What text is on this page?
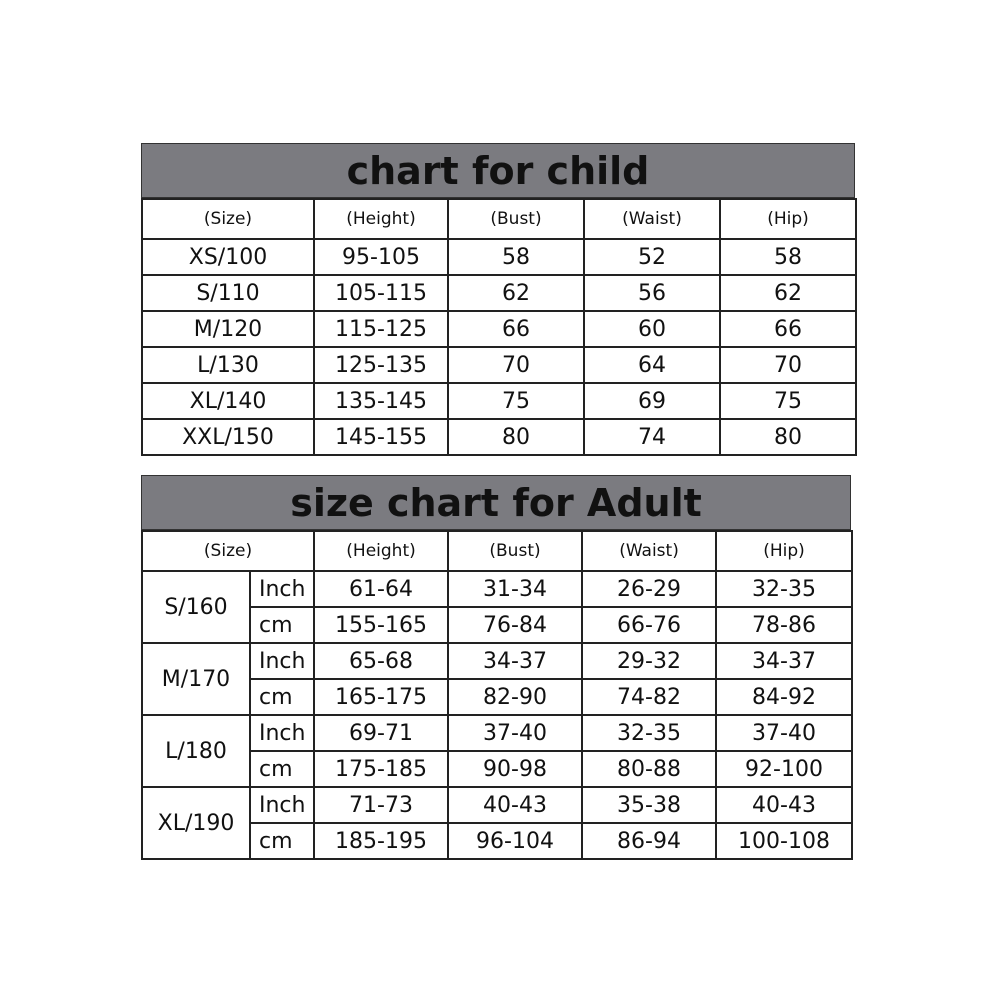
chart for child
(Size)	(Height)	(Bust)	(Waist)	(Hip)
XS/100	95-105	58	52	58
S/110	105-115	62	56	62
M/120	115-125	66	60	66
L/130	125-135	70	64	70
XL/140	135-145	75	69	75
XXL/150	145-155	80	74	80
size chart for Adult
(Size)		(Height)	(Bust)	(Waist)	(Hip)
S/160	Inch	61-64	31-34	26-29	32-35
	cm	155-165	76-84	66-76	78-86
M/170	Inch	65-68	34-37	29-32	34-37
	cm	165-175	82-90	74-82	84-92
L/180	Inch	69-71	37-40	32-35	37-40
	cm	175-185	90-98	80-88	92-100
XL/190	Inch	71-73	40-43	35-38	40-43
	cm	185-195	96-104	86-94	100-108
